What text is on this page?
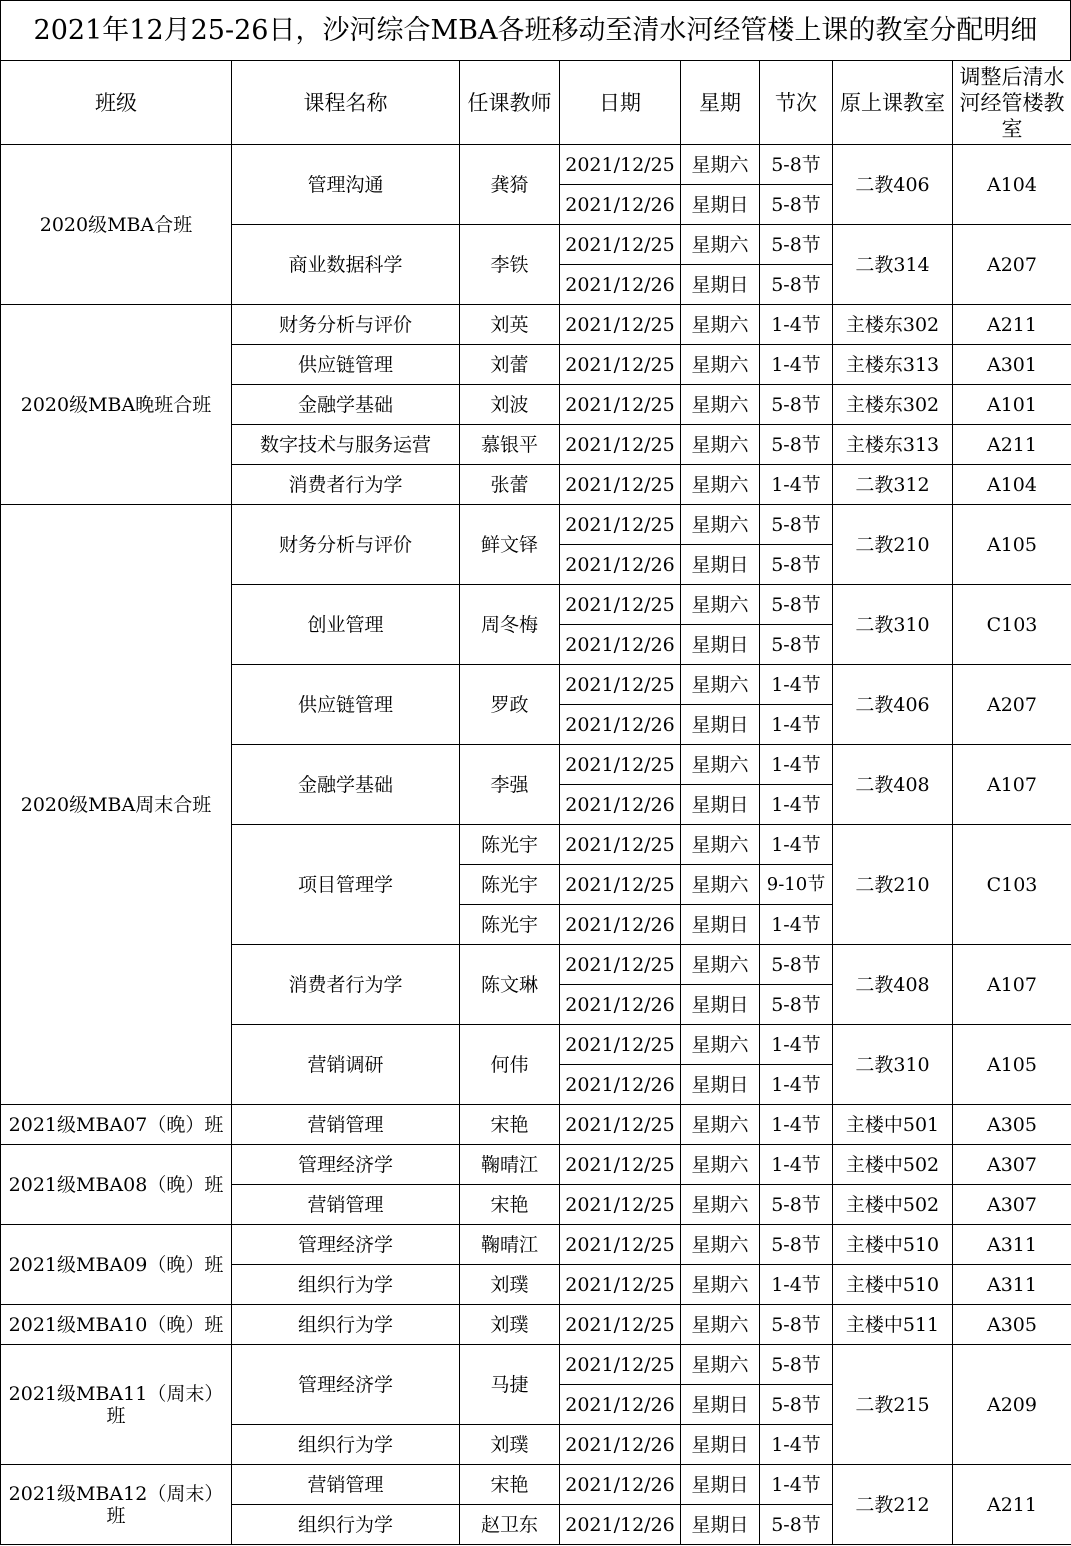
2021年12月25-26日，沙河综合MBA各班移动至清水河经管楼上课的教室分配明细
班级	课程名称	任课教师	日期	星期	节次	原上课教室	调整后清水河经管楼教室
2020级MBA合班	管理沟通	龚猗	2021/12/25	星期六	5-8节	二教406	A104
			2021/12/26	星期日	5-8节		
	商业数据科学	李铁	2021/12/25	星期六	5-8节	二教314	A207
			2021/12/26	星期日	5-8节		
2020级MBA晚班合班	财务分析与评价	刘英	2021/12/25	星期六	1-4节	主楼东302	A211
	供应链管理	刘蕾	2021/12/25	星期六	1-4节	主楼东313	A301
	金融学基础	刘波	2021/12/25	星期六	5-8节	主楼东302	A101
	数字技术与服务运营	慕银平	2021/12/25	星期六	5-8节	主楼东313	A211
	消费者行为学	张蕾	2021/12/25	星期六	1-4节	二教312	A104
2020级MBA周末合班	财务分析与评价	鲜文铎	2021/12/25	星期六	5-8节	二教210	A105
			2021/12/26	星期日	5-8节		
	创业管理	周冬梅	2021/12/25	星期六	5-8节	二教310	C103
			2021/12/26	星期日	5-8节		
	供应链管理	罗政	2021/12/25	星期六	1-4节	二教406	A207
			2021/12/26	星期日	1-4节		
	金融学基础	李强	2021/12/25	星期六	1-4节	二教408	A107
			2021/12/26	星期日	1-4节		
	项目管理学	陈光宇	2021/12/25	星期六	1-4节	二教210	C103
		陈光宇	2021/12/25	星期六	9-10节		
		陈光宇	2021/12/26	星期日	1-4节		
	消费者行为学	陈文琳	2021/12/25	星期六	5-8节	二教408	A107
			2021/12/26	星期日	5-8节		
	营销调研	何伟	2021/12/25	星期六	1-4节	二教310	A105
			2021/12/26	星期日	1-4节		
2021级MBA07（晚）班	营销管理	宋艳	2021/12/25	星期六	1-4节	主楼中501	A305
2021级MBA08（晚）班	管理经济学	鞠晴江	2021/12/25	星期六	1-4节	主楼中502	A307
	营销管理	宋艳	2021/12/25	星期六	5-8节	主楼中502	A307
2021级MBA09（晚）班	管理经济学	鞠晴江	2021/12/25	星期六	5-8节	主楼中510	A311
	组织行为学	刘璞	2021/12/25	星期六	1-4节	主楼中510	A311
2021级MBA10（晚）班	组织行为学	刘璞	2021/12/25	星期六	5-8节	主楼中511	A305
2021级MBA11（周末）班	管理经济学	马捷	2021/12/25	星期六	5-8节	二教215	A209
			2021/12/26	星期日	5-8节		
	组织行为学	刘璞	2021/12/26	星期日	1-4节		
2021级MBA12（周末）班	营销管理	宋艳	2021/12/26	星期日	1-4节	二教212	A211
	组织行为学	赵卫东	2021/12/26	星期日	5-8节		
